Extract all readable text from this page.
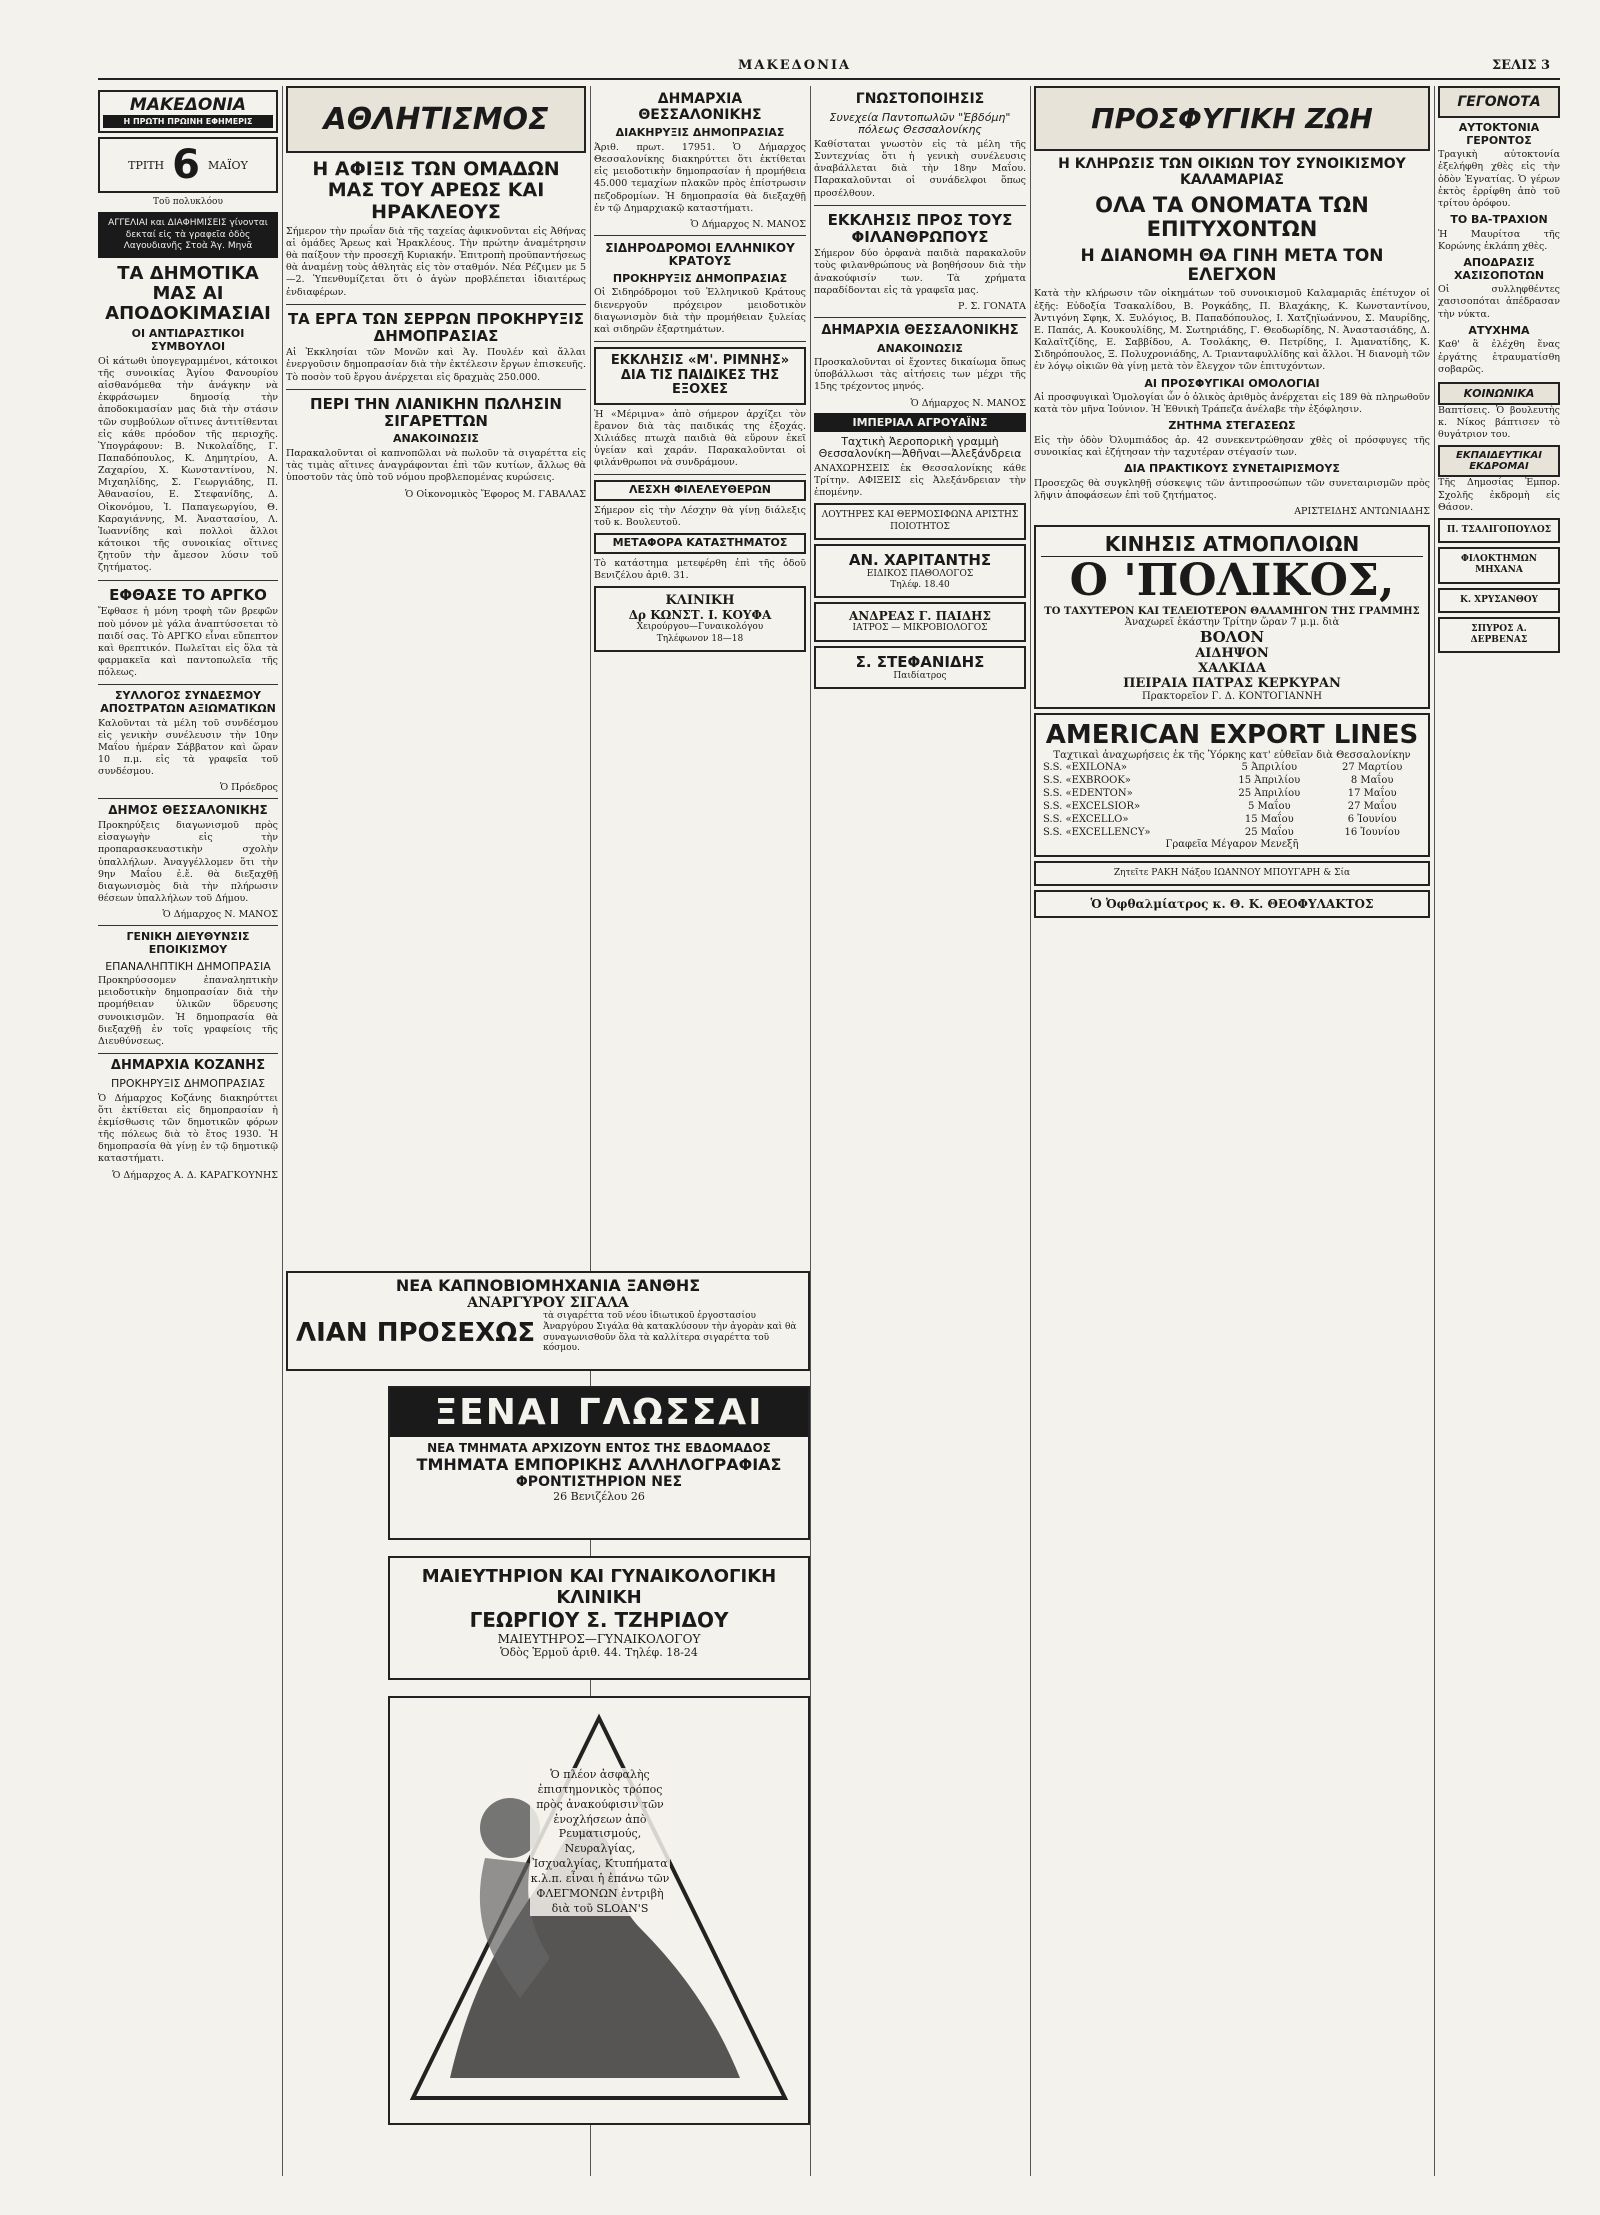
ΜΑΚΕΔΟΝΙΑ	ΣΕΛΙΣ 3
ΜΑΚΕΔΟΝΙΑ
Η ΠΡΩΤΗ ΠΡΩΙΝΗ ΕΦΗΜΕΡΙΣ
ΤΡΙΤΗ 6 ΜΑΪΟΥ
Τοῦ πολυκλόου
ΑΓΓΕΛΙΑΙ και ΔΙΑΦΗΜΙΣΕΙΣ γίνονται δεκταί εἰς τὰ γραφεῖα ὁδὸς Λαγουδιανῆς Στοὰ Ἁγ. Μηνᾶ
ΤΑ ΔΗΜΟΤΙΚΑ ΜΑΣ ΑΙ ΑΠΟΔΟΚΙΜΑΣΙΑΙ
ΟΙ ΑΝΤΙΔΡΑΣΤΙΚΟΙ ΣΥΜΒΟΥΛΟΙ

Οἱ κάτωθι ὑπογεγραμμένοι, κάτοικοι τῆς συνοικίας Ἁγίου Φανουρίου αἰσθανόμεθα τὴν ἀνάγκην νὰ ἐκφράσωμεν δημοσίᾳ τὴν ἀποδοκιμασίαν μας διὰ τὴν στάσιν τῶν συμβούλων οἵτινες ἀντιτίθενται εἰς κάθε πρόοδον τῆς περιοχῆς. Ὑπογράφουν: Β. Νικολαΐδης, Γ. Παπαδόπουλος, Κ. Δημητρίου, Α. Ζαχαρίου, Χ. Κωνσταντίνου, Ν. Μιχαηλίδης, Σ. Γεωργιάδης, Π. Ἀθανασίου, Ε. Στεφανίδης, Δ. Οἰκονόμου, Ἰ. Παπαγεωργίου, Θ. Καραγιάννης, Μ. Ἀναστασίου, Λ. Ἰωαννίδης καὶ πολλοὶ ἄλλοι κάτοικοι τῆς συνοικίας οἵτινες ζητοῦν τὴν ἄμεσον λύσιν τοῦ ζητήματος.

ΕΦΘΑΣΕ ΤΟ ΑΡΓΚΟ

Ἔφθασε ἡ μόνη τροφὴ τῶν βρεφῶν ποὺ μόνον μὲ γάλα ἀναπτύσσεται τὸ παιδί σας. Τὸ ΑΡΓΚΟ εἶναι εὔπεπτον καὶ θρεπτικόν. Πωλεῖται εἰς ὅλα τὰ φαρμακεῖα καὶ παντοπωλεῖα τῆς πόλεως.

ΣΥΛΛΟΓΟΣ ΣΥΝΔΕΣΜΟΥ ΑΠΟΣΤΡΑΤΩΝ ΑΞΙΩΜΑΤΙΚΩΝ

Καλοῦνται τὰ μέλη τοῦ συνδέσμου εἰς γενικὴν συνέλευσιν τὴν 10ην Μαΐου ἡμέραν Σάββατον καὶ ὥραν 10 π.μ. εἰς τὰ γραφεῖα τοῦ συνδέσμου.

Ὁ Πρόεδρος
ΔΗΜΟΣ ΘΕΣΣΑΛΟΝΙΚΗΣ

Προκηρύξεις διαγωνισμοῦ πρὸς εἰσαγωγὴν εἰς τὴν προπαρασκευαστικὴν σχολὴν ὑπαλλήλων. Ἀναγγέλλομεν ὅτι τὴν 9ην Μαΐου ἐ.ἔ. θὰ διεξαχθῇ διαγωνισμὸς διὰ τὴν πλήρωσιν θέσεων ὑπαλλήλων τοῦ Δήμου.

Ὁ Δήμαρχος Ν. ΜΑΝΟΣ
ΓΕΝΙΚΗ ΔΙΕΥΘΥΝΣΙΣ ΕΠΟΙΚΙΣΜΟΥ
ΕΠΑΝΑΛΗΠΤΙΚΗ ΔΗΜΟΠΡΑΣΙΑ

Προκηρύσσομεν ἐπαναληπτικὴν μειοδοτικὴν δημοπρασίαν διὰ τὴν προμήθειαν ὑλικῶν ὕδρευσης συνοικισμῶν. Ἡ δημοπρασία θὰ διεξαχθῇ ἐν τοῖς γραφείοις τῆς Διευθύνσεως.

ΔΗΜΑΡΧΙΑ ΚΟΖΑΝΗΣ
ΠΡΟΚΗΡΥΞΙΣ ΔΗΜΟΠΡΑΣΙΑΣ

Ὁ Δήμαρχος Κοζάνης διακηρύττει ὅτι ἐκτίθεται εἰς δημοπρασίαν ἡ ἐκμίσθωσις τῶν δημοτικῶν φόρων τῆς πόλεως διὰ τὸ ἔτος 1930. Ἡ δημοπρασία θὰ γίνῃ ἐν τῷ δημοτικῷ καταστήματι.

Ὁ Δήμαρχος Α. Δ. ΚΑΡΑΓΚΟΥΝΗΣ
ΑΘΛΗΤΙΣΜΟΣ
Η ΑΦΙΞΙΣ ΤΩΝ ΟΜΑΔΩΝ ΜΑΣ ΤΟΥ ΑΡΕΩΣ ΚΑΙ ΗΡΑΚΛΕΟΥΣ

Σήμερον τὴν πρωΐαν διὰ τῆς ταχείας ἀφικνοῦνται εἰς Ἀθήνας αἱ ὁμάδες Ἄρεως καὶ Ἡρακλέους. Τὴν πρώτην ἀναμέτρησιν θὰ παίξουν τὴν προσεχῆ Κυριακήν. Ἐπιτροπὴ προϋπαντήσεως θὰ ἀναμένῃ τοὺς ἀθλητὰς εἰς τὸν σταθμόν. Νέα Ρέζιμεν με 5—2. Ὑπενθυμίζεται ὅτι ὁ ἀγὼν προβλέπεται ἰδιαιτέρως ἐνδιαφέρων.

ΤΑ ΕΡΓΑ ΤΩΝ ΣΕΡΡΩΝ ΠΡΟΚΗΡΥΞΙΣ ΔΗΜΟΠΡΑΣΙΑΣ

Αἱ Ἐκκλησίαι τῶν Μονῶν καὶ Ἁγ. Πουλέν καὶ ἄλλαι ἐνεργοῦσιν δημοπρασίαν διὰ τὴν ἐκτέλεσιν ἔργων ἐπισκευῆς. Τὸ ποσὸν τοῦ ἔργου ἀνέρχεται εἰς δραχμὰς 250.000.

ΠΕΡΙ ΤΗΝ ΛΙΑΝΙΚΗΝ ΠΩΛΗΣΙΝ ΣΙΓΑΡΕΤΤΩΝ
ΑΝΑΚΟΙΝΩΣΙΣ

Παρακαλοῦνται οἱ καπνοπῶλαι νὰ πωλοῦν τὰ σιγαρέττα εἰς τὰς τιμὰς αἵτινες ἀναγράφονται ἐπὶ τῶν κυτίων, ἄλλως θὰ ὑποστοῦν τὰς ὑπὸ τοῦ νόμου προβλεπομένας κυρώσεις.

Ὁ Οἰκονομικὸς Ἔφορος Μ. ΓΑΒΑΛΑΣ
ΔΗΜΑΡΧΙΑ ΘΕΣΣΑΛΟΝΙΚΗΣ
ΔΙΑΚΗΡΥΞΙΣ ΔΗΜΟΠΡΑΣΙΑΣ

Ἀριθ. πρωτ. 17951. Ὁ Δήμαρχος Θεσσαλονίκης διακηρύττει ὅτι ἐκτίθεται εἰς μειοδοτικὴν δημοπρασίαν ἡ προμήθεια 45.000 τεμαχίων πλακῶν πρὸς ἐπίστρωσιν πεζοδρομίων. Ἡ δημοπρασία θὰ διεξαχθῇ ἐν τῷ Δημαρχιακῷ καταστήματι.

Ὁ Δήμαρχος Ν. ΜΑΝΟΣ
ΣΙΔΗΡΟΔΡΟΜΟΙ ΕΛΛΗΝΙΚΟΥ ΚΡΑΤΟΥΣ
ΠΡΟΚΗΡΥΞΙΣ ΔΗΜΟΠΡΑΣΙΑΣ

Οἱ Σιδηρόδρομοι τοῦ Ἑλληνικοῦ Κράτους διενεργοῦν πρόχειρον μειοδοτικὸν διαγωνισμὸν διὰ τὴν προμήθειαν ξυλείας καὶ σιδηρῶν ἐξαρτημάτων.

ΕΚΚΛΗΣΙΣ «Μ'. ΡΙΜΝΗΣ» ΔΙΑ ΤΙΣ ΠΑΙΔΙΚΕΣ ΤΗΣ ΕΞΟΧΕΣ

Ἡ «Μέριμνα» ἀπὸ σήμερον ἀρχίζει τὸν ἔρανον διὰ τὰς παιδικάς της ἐξοχάς. Χιλιάδες πτωχὰ παιδιὰ θὰ εὕρουν ἐκεῖ ὑγείαν καὶ χαράν. Παρακαλοῦνται οἱ φιλάνθρωποι νὰ συνδράμουν.

ΛΕΣΧΗ ΦΙΛΕΛΕΥΘΕΡΩΝ

Σήμερον εἰς τὴν Λέσχην θὰ γίνῃ διάλεξις τοῦ κ. Βουλευτοῦ.

ΜΕΤΑΦΟΡΑ ΚΑΤΑΣΤΗΜΑΤΟΣ

Τὸ κατάστημα μετεφέρθη ἐπὶ τῆς ὁδοῦ Βενιζέλου ἀριθ. 31.

ΚΛΙΝΙΚΗ
Δρ ΚΩΝΣΤ. Ι. ΚΟΥΦΑ
Χειρούργου—Γυναικολόγου
Τηλέφωνον 18—18
ΓΝΩΣΤΟΠΟΙΗΣΙΣ
Συνεχεία Παντοπωλῶν "Ἑβδόμη" πόλεως Θεσσαλονίκης

Καθίσταται γνωστὸν εἰς τὰ μέλη τῆς Συντεχνίας ὅτι ἡ γενικὴ συνέλευσις ἀναβάλλεται διὰ τὴν 18ην Μαΐου. Παρακαλοῦνται οἱ συνάδελφοι ὅπως προσέλθουν.

ΕΚΚΛΗΣΙΣ ΠΡΟΣ ΤΟΥΣ ΦΙΛΑΝΘΡΩΠΟΥΣ

Σήμερον δύο ὀρφανὰ παιδιὰ παρακαλοῦν τοὺς φιλανθρώπους νὰ βοηθήσουν διὰ τὴν ἀνακούφισίν των. Τὰ χρήματα παραδίδονται εἰς τὰ γραφεῖα μας.

Ρ. Σ. ΓΟΝΑΤΑ
ΔΗΜΑΡΧΙΑ ΘΕΣΣΑΛΟΝΙΚΗΣ
ΑΝΑΚΟΙΝΩΣΙΣ

Προσκαλοῦνται οἱ ἔχοντες δικαίωμα ὅπως ὑποβάλλωσι τὰς αἰτήσεις των μέχρι τῆς 15ης τρέχοντος μηνός.

Ὁ Δήμαρχος Ν. ΜΑΝΟΣ
ΙΜΠΕΡΙΑΛ ΑΓΡΟΥΑΪΝΣ
Ταχτικὴ Ἀεροπορικὴ γραμμὴ Θεσσαλονίκη—Ἀθῆναι—Ἀλεξάνδρεια

ΑΝΑΧΩΡΗΣΕΙΣ ἐκ Θεσσαλονίκης κάθε Τρίτην. ΑΦΙΞΕΙΣ εἰς Ἀλεξάνδρειαν τὴν ἑπομένην.

ΛΟΥΤΗΡΕΣ ΚΑΙ ΘΕΡΜΟΣΙΦΩΝΑ ΑΡΙΣΤΗΣ ΠΟΙΟΤΗΤΟΣ
ΑΝ. ΧΑΡΙΤΑΝΤΗΣ
ΕΙΔΙΚΟΣ ΠΑΘΟΛΟΓΟΣ
Τηλέφ. 18.40
ΑΝΔΡΕΑΣ Γ. ΠΑΙΔΗΣ
ΙΑΤΡΟΣ — ΜΙΚΡΟΒΙΟΛΟΓΟΣ
Σ. ΣΤΕΦΑΝΙΔΗΣ
Παιδίατρος
ΠΡΟΣΦΥΓΙΚΗ ΖΩΗ
Η ΚΛΗΡΩΣΙΣ ΤΩΝ ΟΙΚΙΩΝ ΤΟΥ ΣΥΝΟΙΚΙΣΜΟΥ ΚΑΛΑΜΑΡΙΑΣ
ΟΛΑ ΤΑ ΟΝΟΜΑΤΑ ΤΩΝ ΕΠΙΤΥΧΟΝΤΩΝ
Η ΔΙΑΝΟΜΗ ΘΑ ΓΙΝΗ ΜΕΤΑ ΤΟΝ ΕΛΕΓΧΟΝ

Κατὰ τὴν κλήρωσιν τῶν οἰκημάτων τοῦ συνοικισμοῦ Καλαμαριᾶς ἐπέτυχον οἱ ἑξῆς: Εὐδοξία Τσακαλίδου, Β. Ρογκάδης, Π. Βλαχάκης, Κ. Κωνσταντίνου, Ἀντιγόνη Σφηκ, Χ. Ξυλόγιος, Β. Παπαδόπουλος, Ι. Χατζηϊωάννου, Σ. Μαυρίδης, Ε. Παπάς, Α. Κουκουλίδης, Μ. Σωτηριάδης, Γ. Θεοδωρίδης, Ν. Ἀναστασιάδης, Δ. Καλαϊτζίδης, Ε. Σαββίδου, Α. Τσολάκης, Θ. Πετρίδης, Ι. Ἀμανατίδης, Κ. Σιδηρόπουλος, Ξ. Πολυχρονιάδης, Λ. Τριανταφυλλίδης καὶ ἄλλοι. Ἡ διανομὴ τῶν ἐν λόγῳ οἰκιῶν θὰ γίνῃ μετὰ τὸν ἔλεγχον τῶν ἐπιτυχόντων.

ΑΙ ΠΡΟΣΦΥΓΙΚΑΙ ΟΜΟΛΟΓΙΑΙ

Αἱ προσφυγικαὶ Ὁμολογίαι ὧν ὁ ὁλικὸς ἀριθμὸς ἀνέρχεται εἰς 189 θὰ πληρωθοῦν κατὰ τὸν μῆνα Ἰούνιον. Ἡ Ἐθνικὴ Τράπεζα ἀνέλαβε τὴν ἐξόφλησιν.

ΖΗΤΗΜΑ ΣΤΕΓΑΣΕΩΣ

Εἰς τὴν ὁδὸν Ὀλυμπιάδος ἀρ. 42 συνεκεντρώθησαν χθὲς οἱ πρόσφυγες τῆς συνοικίας καὶ ἐζήτησαν τὴν ταχυτέραν στέγασίν των.

ΔΙΑ ΠΡΑΚΤΙΚΟΥΣ ΣΥΝΕΤΑΙΡΙΣΜΟΥΣ

Προσεχῶς θὰ συγκληθῇ σύσκεψις τῶν ἀντιπροσώπων τῶν συνεταιρισμῶν πρὸς λῆψιν ἀποφάσεων ἐπὶ τοῦ ζητήματος.

ΑΡΙΣΤΕΙΔΗΣ ΑΝΤΩΝΙΑΔΗΣ
ΚΙΝΗΣΙΣ ΑΤΜΟΠΛΟΙΩΝ
Ο 'ΠΟΛΙΚΟΣ,
ΤΟ ΤΑΧΥΤΕΡΟΝ ΚΑΙ ΤΕΛΕΙΟΤΕΡΟΝ ΘΑΛΑΜΗΓΟΝ ΤΗΣ ΓΡΑΜΜΗΣ
Ἀναχωρεῖ ἑκάστην Τρίτην ὥραν 7 μ.μ. διὰ
ΒΟΛΟΝ
ΑΙΔΗΨΟΝ
ΧΑΛΚΙΔΑ
ΠΕΙΡΑΙΑ ΠΑΤΡΑΣ ΚΕΡΚΥΡΑΝ
Πρακτορεῖον Γ. Δ. ΚΟΝΤΟΓΙΑΝΝΗ
AMERICAN EXPORT LINES
Ταχτικαὶ ἀναχωρήσεις ἐκ τῆς Ὑόρκης κατ' εὐθεῖαν διὰ Θεσσαλονίκην
S.S. «EXILONA»	5 Ἀπριλίου	27 Μαρτίου
S.S. «EXBROOK»	15 Ἀπριλίου	8 Μαΐου
S.S. «EDENTON»	25 Ἀπριλίου	17 Μαΐου
S.S. «EXCELSIOR»	5 Μαΐου	27 Μαΐου
S.S. «EXCELLO»	15 Μαΐου	6 Ἰουνίου
S.S. «EXCELLENCY»	25 Μαΐου	16 Ἰουνίου
Γραφεῖα Μέγαρον Μενεξῆ
Ζητεῖτε ΡΑΚΗ Νάξου ΙΩΑΝΝΟΥ ΜΠΟΥΓΑΡΗ & Σία
Ὁ Ὀφθαλμίατρος κ. Θ. Κ. ΘΕΟΦΥΛΑΚΤΟΣ
ΓΕΓΟΝΟΤΑ
ΑΥΤΟΚΤΟΝΙΑ ΓΕΡΟΝΤΟΣ

Τραγικὴ αὐτοκτονία ἐξελήφθη χθὲς εἰς τὴν ὁδὸν Ἐγνατίας. Ὁ γέρων ἐκτὸς ἐρρίφθη ἀπὸ τοῦ τρίτου ὀρόφου.

ΤΟ ΒΑ-ΤΡΑΧΙΟΝ

Ἡ Μαυρίτσα τῆς Κορώνης ἐκλάπη χθὲς.

ΑΠΟΔΡΑΣΙΣ ΧΑΣΙΣΟΠΟΤΩΝ

Οἱ συλληφθέντες χασισοπόται ἀπέδρασαν τὴν νύκτα.

ΑΤΥΧΗΜΑ

Καθ' ἃ ἐλέχθη ἕνας ἐργάτης ἐτραυματίσθη σοβαρῶς.

ΚΟΙΝΩΝΙΚΑ

Βαπτίσεις. Ὁ βουλευτὴς κ. Νίκος βάπτισεν τὸ θυγάτριον του.

ΕΚΠΑΙΔΕΥΤΙΚΑΙ ΕΚΔΡΟΜΑΙ

Τῆς Δημοσίας Ἐμπορ. Σχολῆς ἐκδρομὴ εἰς Θάσον.

Π. ΤΣΑΛΙΓΟΠΟΥΛΟΣ
ΦΙΛΟΚΤΗΜΩΝ ΜΗΧΑΝΑ
Κ. ΧΡΥΣΑΝΘΟΥ
ΣΠΥΡΟΣ Α. ΔΕΡΒΕΝΑΣ
ΝΕΑ ΚΑΠΝΟΒΙΟΜΗΧΑΝΙΑ ΞΑΝΘΗΣ
ΑΝΑΡΓΥΡΟΥ ΣΙΓΑΛΑ
ΛΙΑΝ ΠΡΟΣΕΧΩΣ
τὰ σιγαρέττα τοῦ νέου ἰδιωτικοῦ ἐργοστασίου Ἀναργύρου Σιγάλα θὰ κατακλύσουν τὴν ἀγορὰν καὶ θὰ συναγωνισθοῦν ὅλα τὰ καλλίτερα σιγαρέττα τοῦ κόσμου.
ΞΕΝΑΙ ΓΛΩΣΣΑΙ
ΝΕΑ ΤΜΗΜΑΤΑ ΑΡΧΙΖΟΥΝ ΕΝΤΟΣ ΤΗΣ ΕΒΔΟΜΑΔΟΣ
ΤΜΗΜΑΤΑ ΕΜΠΟΡΙΚΗΣ ΑΛΛΗΛΟΓΡΑΦΙΑΣ
ΦΡΟΝΤΙΣΤΗΡΙΟΝ ΝΕΣ
26 Βενιζέλου 26
ΜΑΙΕΥΤΗΡΙΟΝ ΚΑΙ ΓΥΝΑΙΚΟΛΟΓΙΚΗ ΚΛΙΝΙΚΗ
ΓΕΩΡΓΙΟΥ Σ. ΤΖΗΡΙΔΟΥ
ΜΑΙΕΥΤΗΡΟΣ—ΓΥΝΑΙΚΟΛΟΓΟΥ
Ὁδὸς Ἑρμοῦ ἀριθ. 44. Τηλέφ. 18-24
Ὁ πλέον ἀσφαλὴς ἐπιστημονικὸς τρόπος πρὸς ἀνακούφισιν τῶν ἐνοχλήσεων ἀπὸ Ρευματισμούς, Νευραλγίας, Ἰσχυαλγίας, Κτυπήματα κ.λ.π. εἶναι ἡ ἐπάνω τῶν ΦΛΕΓΜΟΝΩΝ ἐντριβὴ διὰ τοῦ SLOAN'S
